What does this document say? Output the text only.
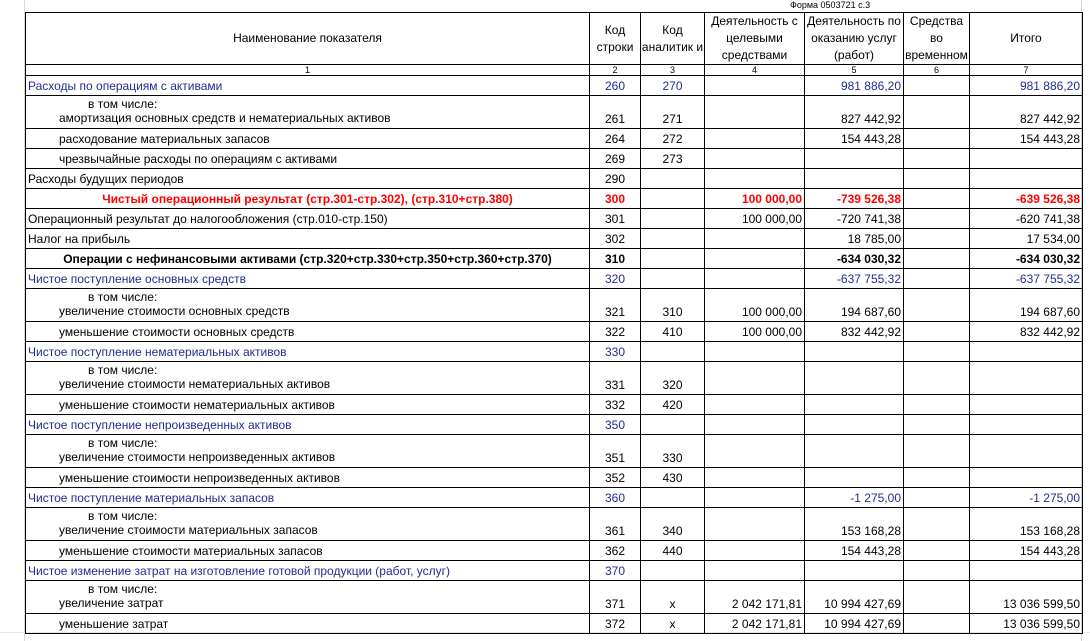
Форма 0503721 с.3
Наименование показателя	Код строки	Код аналитик и	Деятельность с целевыми средствами	Деятельность по оказанию услуг (работ)	Средства во временном	Итого
1	2	3	4	5	6	7
Расходы по операциям с активами	260	270		981 886,20		981 886,20

в том числе:
амортизация основных средств и нематериальных активов	261	271		827 442,92		827 442,92
расходование материальных запасов	264	272		154 443,28		154 443,28
чрезвычайные расходы по операциям с активами	269	273				
Расходы будущих периодов	290					
Чистый операционный результат (стр.301-стр.302), (стр.310+стр.380)	300		100 000,00	-739 526,38		-639 526,38
Операционный результат до налогообложения (стр.010-стр.150)	301		100 000,00	-720 741,38		-620 741,38
Налог на прибыль	302			18 785,00		17 534,00
Операции с нефинансовыми активами (стр.320+стр.330+стр.350+стр.360+стр.370)	310			-634 030,32		-634 030,32
Чистое поступление основных средств	320			-637 755,32		-637 755,32

в том числе:
увеличение стоимости основных средств	321	310	100 000,00	194 687,60		194 687,60
уменьшение стоимости основных средств	322	410	100 000,00	832 442,92		832 442,92
Чистое поступление нематериальных активов	330					

в том числе:
увеличение стоимости нематериальных активов	331	320				
уменьшение стоимости нематериальных активов	332	420				
Чистое поступление непроизведенных активов	350					

в том числе:
увеличение стоимости непроизведенных активов	351	330				
уменьшение стоимости непроизведенных активов	352	430				
Чистое поступление материальных запасов	360			-1 275,00		-1 275,00

в том числе:
увеличение стоимости материальных запасов	361	340		153 168,28		153 168,28
уменьшение стоимости материальных запасов	362	440		154 443,28		154 443,28
Чистое изменение затрат на изготовление готовой продукции (работ, услуг)	370					

в том числе:
увеличение затрат	371	х	2 042 171,81	10 994 427,69		13 036 599,50
уменьшение затрат	372	х	2 042 171,81	10 994 427,69		13 036 599,50
